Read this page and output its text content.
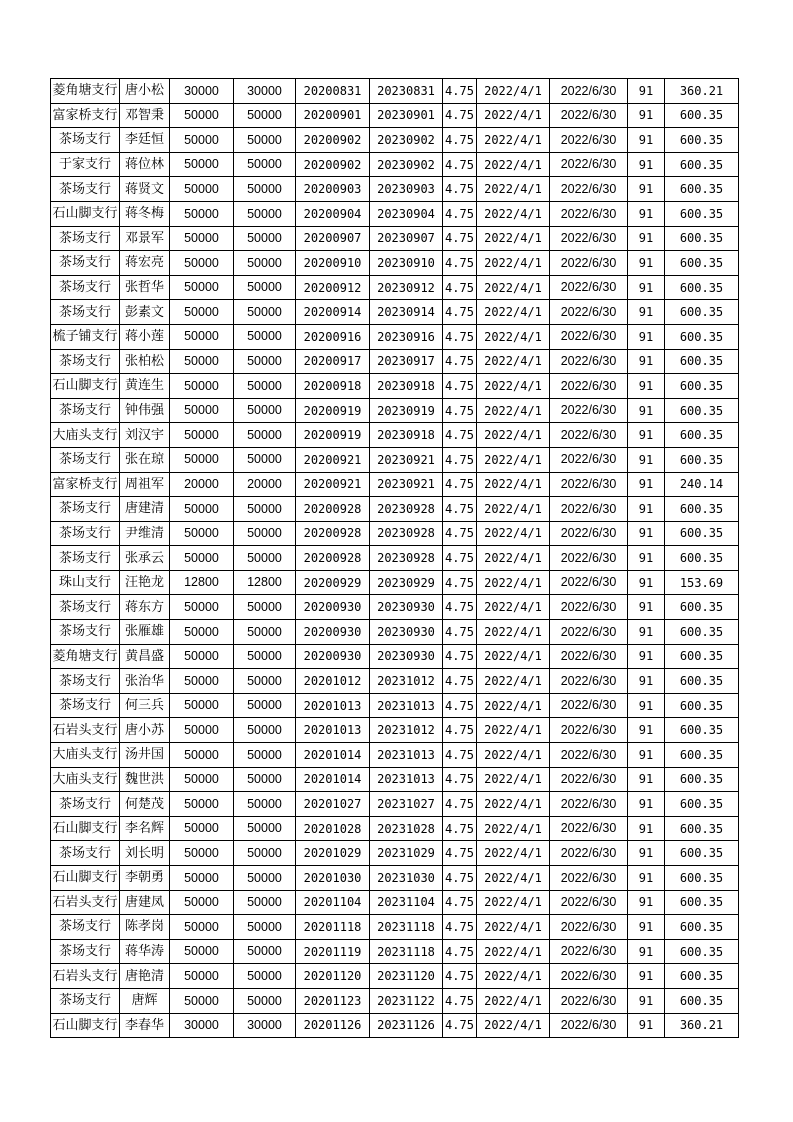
菱角塘支行	唐小松	30000	30000	20200831	20230831	4.75	2022/4/1	2022/6/30	91	360.21
富家桥支行	邓智秉	50000	50000	20200901	20230901	4.75	2022/4/1	2022/6/30	91	600.35
茶场支行	李廷恒	50000	50000	20200902	20230902	4.75	2022/4/1	2022/6/30	91	600.35
于家支行	蒋位林	50000	50000	20200902	20230902	4.75	2022/4/1	2022/6/30	91	600.35
茶场支行	蒋贤文	50000	50000	20200903	20230903	4.75	2022/4/1	2022/6/30	91	600.35
石山脚支行	蒋冬梅	50000	50000	20200904	20230904	4.75	2022/4/1	2022/6/30	91	600.35
茶场支行	邓景军	50000	50000	20200907	20230907	4.75	2022/4/1	2022/6/30	91	600.35
茶场支行	蒋宏亮	50000	50000	20200910	20230910	4.75	2022/4/1	2022/6/30	91	600.35
茶场支行	张哲华	50000	50000	20200912	20230912	4.75	2022/4/1	2022/6/30	91	600.35
茶场支行	彭素文	50000	50000	20200914	20230914	4.75	2022/4/1	2022/6/30	91	600.35
梳子铺支行	蒋小莲	50000	50000	20200916	20230916	4.75	2022/4/1	2022/6/30	91	600.35
茶场支行	张柏松	50000	50000	20200917	20230917	4.75	2022/4/1	2022/6/30	91	600.35
石山脚支行	黄连生	50000	50000	20200918	20230918	4.75	2022/4/1	2022/6/30	91	600.35
茶场支行	钟伟强	50000	50000	20200919	20230919	4.75	2022/4/1	2022/6/30	91	600.35
大庙头支行	刘汉宇	50000	50000	20200919	20230918	4.75	2022/4/1	2022/6/30	91	600.35
茶场支行	张在琼	50000	50000	20200921	20230921	4.75	2022/4/1	2022/6/30	91	600.35
富家桥支行	周祖军	20000	20000	20200921	20230921	4.75	2022/4/1	2022/6/30	91	240.14
茶场支行	唐建清	50000	50000	20200928	20230928	4.75	2022/4/1	2022/6/30	91	600.35
茶场支行	尹维清	50000	50000	20200928	20230928	4.75	2022/4/1	2022/6/30	91	600.35
茶场支行	张承云	50000	50000	20200928	20230928	4.75	2022/4/1	2022/6/30	91	600.35
珠山支行	汪艳龙	12800	12800	20200929	20230929	4.75	2022/4/1	2022/6/30	91	153.69
茶场支行	蒋东方	50000	50000	20200930	20230930	4.75	2022/4/1	2022/6/30	91	600.35
茶场支行	张雁雄	50000	50000	20200930	20230930	4.75	2022/4/1	2022/6/30	91	600.35
菱角塘支行	黄昌盛	50000	50000	20200930	20230930	4.75	2022/4/1	2022/6/30	91	600.35
茶场支行	张治华	50000	50000	20201012	20231012	4.75	2022/4/1	2022/6/30	91	600.35
茶场支行	何三兵	50000	50000	20201013	20231013	4.75	2022/4/1	2022/6/30	91	600.35
石岩头支行	唐小苏	50000	50000	20201013	20231012	4.75	2022/4/1	2022/6/30	91	600.35
大庙头支行	汤井国	50000	50000	20201014	20231013	4.75	2022/4/1	2022/6/30	91	600.35
大庙头支行	魏世洪	50000	50000	20201014	20231013	4.75	2022/4/1	2022/6/30	91	600.35
茶场支行	何楚茂	50000	50000	20201027	20231027	4.75	2022/4/1	2022/6/30	91	600.35
石山脚支行	李名辉	50000	50000	20201028	20231028	4.75	2022/4/1	2022/6/30	91	600.35
茶场支行	刘长明	50000	50000	20201029	20231029	4.75	2022/4/1	2022/6/30	91	600.35
石山脚支行	李朝勇	50000	50000	20201030	20231030	4.75	2022/4/1	2022/6/30	91	600.35
石岩头支行	唐建凤	50000	50000	20201104	20231104	4.75	2022/4/1	2022/6/30	91	600.35
茶场支行	陈孝岗	50000	50000	20201118	20231118	4.75	2022/4/1	2022/6/30	91	600.35
茶场支行	蒋华涛	50000	50000	20201119	20231118	4.75	2022/4/1	2022/6/30	91	600.35
石岩头支行	唐艳清	50000	50000	20201120	20231120	4.75	2022/4/1	2022/6/30	91	600.35
茶场支行	唐辉	50000	50000	20201123	20231122	4.75	2022/4/1	2022/6/30	91	600.35
石山脚支行	李春华	30000	30000	20201126	20231126	4.75	2022/4/1	2022/6/30	91	360.21
